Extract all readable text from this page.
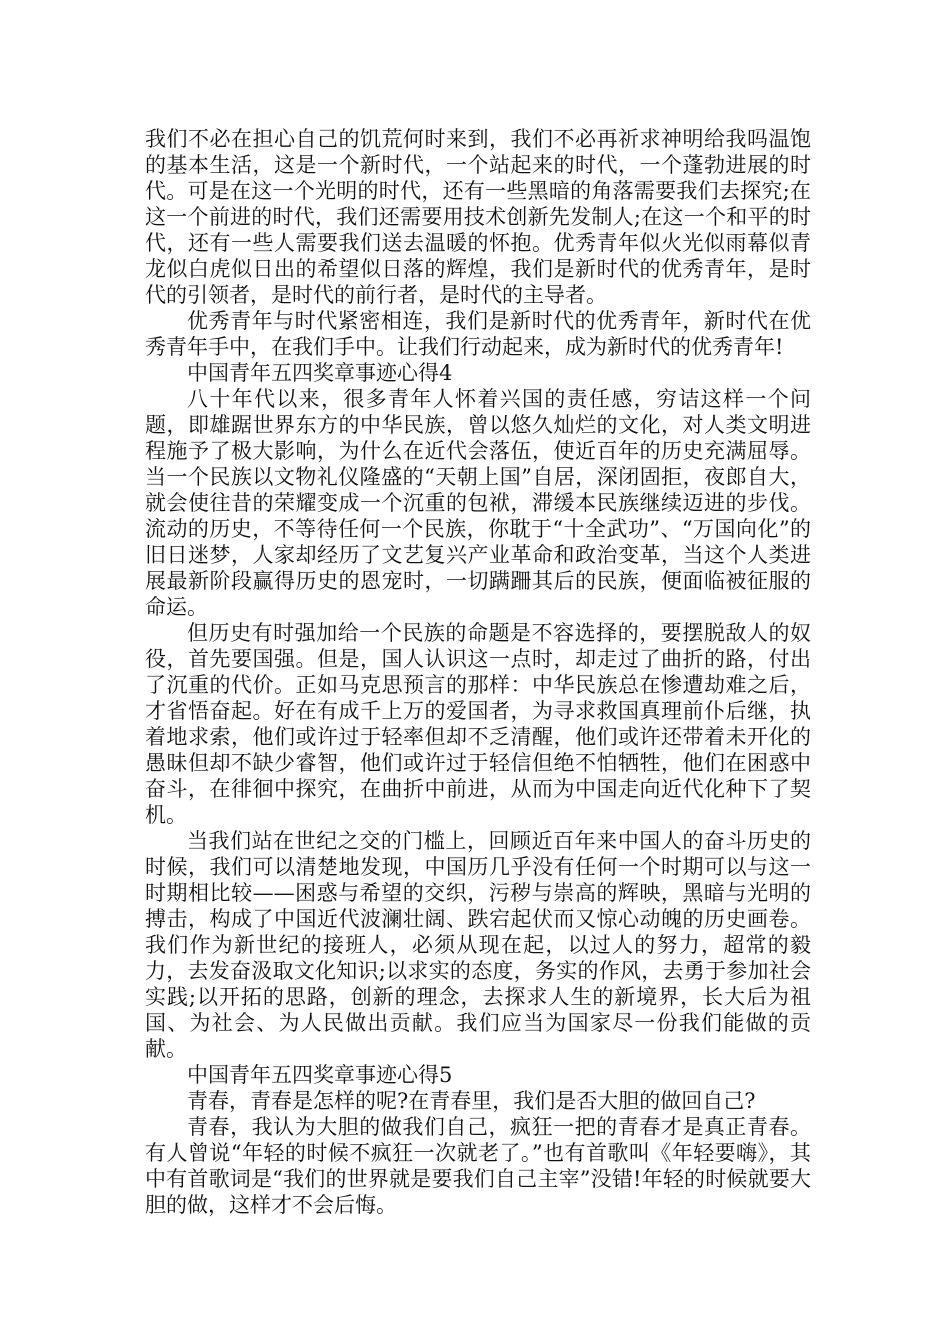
我们不必在担心自己的饥荒何时来到，我们不必再祈求神明给我吗温饱的基本生活，这是一个新时代，一个站起来的时代，一个蓬勃进展的时代。可是在这一个光明的时代，还有一些黑暗的角落需要我们去探究;在这一个前进的时代，我们还需要用技术创新先发制人;在这一个和平的时代，还有一些人需要我们送去温暖的怀抱。优秀青年似火光似雨幕似青龙似白虎似日出的希望似日落的辉煌，我们是新时代的优秀青年，是时代的引领者，是时代的前行者，是时代的主导者。

优秀青年与时代紧密相连，我们是新时代的优秀青年，新时代在优秀青年手中，在我们手中。让我们行动起来，成为新时代的优秀青年!

中国青年五四奖章事迹心得4

八十年代以来，很多青年人怀着兴国的责任感，穷诘这样一个问题，即雄踞世界东方的中华民族，曾以悠久灿烂的文化，对人类文明进程施予了极大影响，为什么在近代会落伍，使近百年的历史充满屈辱。当一个民族以文物礼仪隆盛的“天朝上国”自居，深闭固拒，夜郎自大，就会使往昔的荣耀变成一个沉重的包袱，滞缓本民族继续迈进的步伐。流动的历史，不等待任何一个民族，你耽于“十全武功”、“万国向化”的旧日迷梦，人家却经历了文艺复兴产业革命和政治变革，当这个人类进展最新阶段赢得历史的恩宠时，一切蹒跚其后的民族，便面临被征服的命运。

但历史有时强加给一个民族的命题是不容选择的，要摆脱敌人的奴役，首先要国强。但是，国人认识这一点时，却走过了曲折的路，付出了沉重的代价。正如马克思预言的那样：中华民族总在惨遭劫难之后，才省悟奋起。好在有成千上万的爱国者，为寻求救国真理前仆后继，执着地求索，他们或许过于轻率但却不乏清醒，他们或许还带着未开化的愚昧但却不缺少睿智，他们或许过于轻信但绝不怕牺牲，他们在困惑中奋斗，在徘徊中探究，在曲折中前进，从而为中国走向近代化种下了契机。

当我们站在世纪之交的门槛上，回顾近百年来中国人的奋斗历史的时候，我们可以清楚地发现，中国历几乎没有任何一个时期可以与这一时期相比较——困惑与希望的交织，污秽与崇高的辉映，黑暗与光明的搏击，构成了中国近代波澜壮阔、跌宕起伏而又惊心动魄的历史画卷。我们作为新世纪的接班人，必须从现在起，以过人的努力，超常的毅力，去发奋汲取文化知识;以求实的态度，务实的作风，去勇于参加社会实践;以开拓的思路，创新的理念，去探求人生的新境界，长大后为祖国、为社会、为人民做出贡献。我们应当为国家尽一份我们能做的贡献。

中国青年五四奖章事迹心得5

青春，青春是怎样的呢?在青春里，我们是否大胆的做回自己?

青春，我认为大胆的做我们自己，疯狂一把的青春才是真正青春。有人曾说“年轻的时候不疯狂一次就老了。”也有首歌叫《年轻要嗨》，其中有首歌词是“我们的世界就是要我们自己主宰”没错!年轻的时候就要大胆的做，这样才不会后悔。
